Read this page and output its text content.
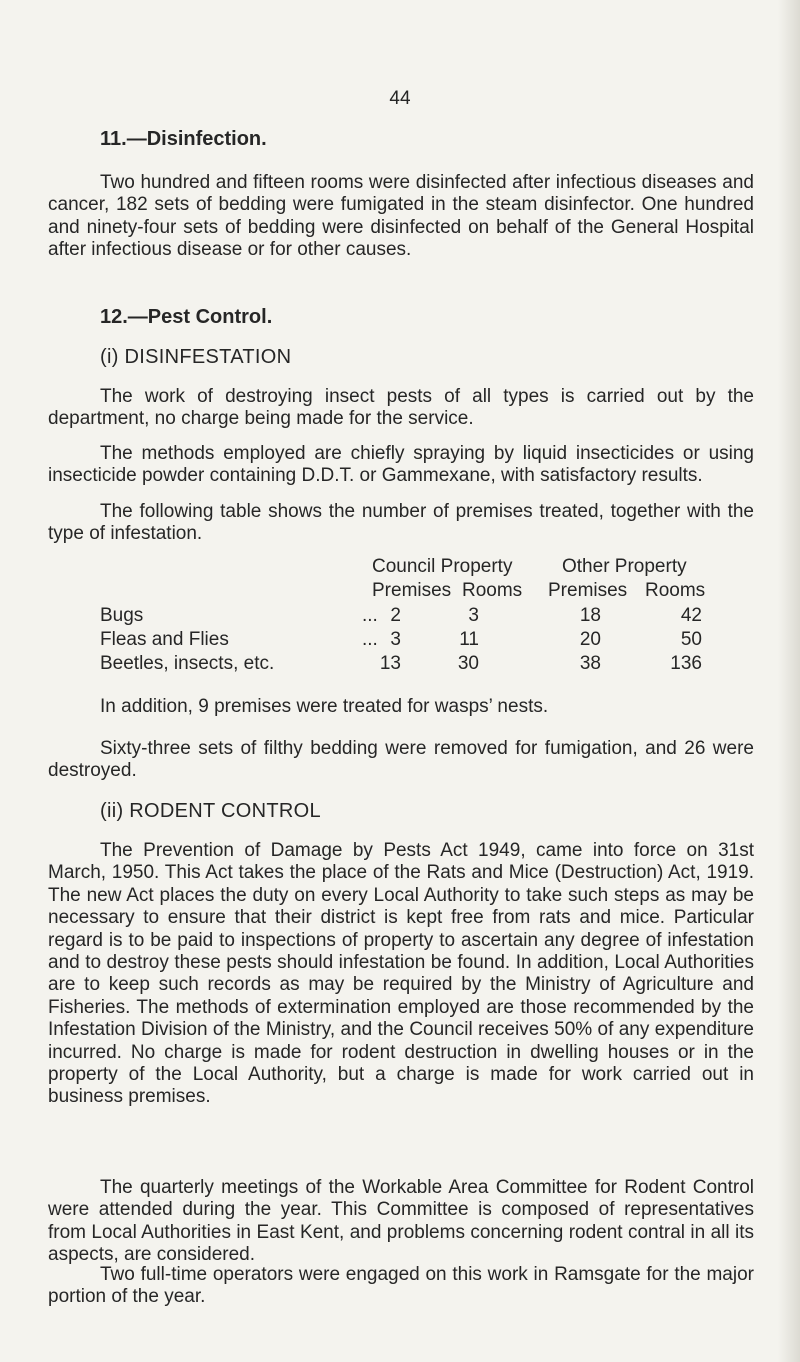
44
11.—Disinfection.
Two hundred and fifteen rooms were disinfected after infectious diseases and cancer, 182 sets of bedding were fumigated in the steam disinfector. One hundred and ninety-four sets of bedding were disinfected on behalf of the General Hospital after infectious disease or for other causes.
12.—Pest Control.
(i) DISINFESTATION
The work of destroying insect pests of all types is carried out by the department, no charge being made for the service.
The methods employed are chiefly spraying by liquid insecticides or using insecticide powder containing D.D.T. or Gammexane, with satisfactory results.
The following table shows the number of premises treated, together with the type of infestation.
Council Property	Other Property
Premises Rooms Premises Rooms
Bugs	... 2	3	18	42
Fleas and Flies	... 3	11	20	50
Beetles, insects, etc.	13	30	38	136
In addition, 9 premises were treated for wasps’ nests.
Sixty-three sets of filthy bedding were removed for fumigation, and 26 were destroyed.
(ii) RODENT CONTROL
The Prevention of Damage by Pests Act 1949, came into force on 31st March, 1950. This Act takes the place of the Rats and Mice (Destruction) Act, 1919. The new Act places the duty on every Local Authority to take such steps as may be necessary to ensure that their district is kept free from rats and mice. Particular regard is to be paid to inspections of property to ascertain any degree of infestation and to destroy these pests should infestation be found. In addition, Local Authorities are to keep such records as may be required by the Ministry of Agriculture and Fisheries. The methods of extermination employed are those recommended by the Infestation Division of the Ministry, and the Council receives 50% of any expenditure incurred. No charge is made for rodent destruction in dwelling houses or in the property of the Local Authority, but a charge is made for work carried out in business premises.
The quarterly meetings of the Workable Area Committee for Rodent Control were attended during the year. This Committee is composed of representatives from Local Authorities in East Kent, and problems concerning rodent contral in all its aspects, are considered.
Two full-time operators were engaged on this work in Ramsgate for the major portion of the year.
